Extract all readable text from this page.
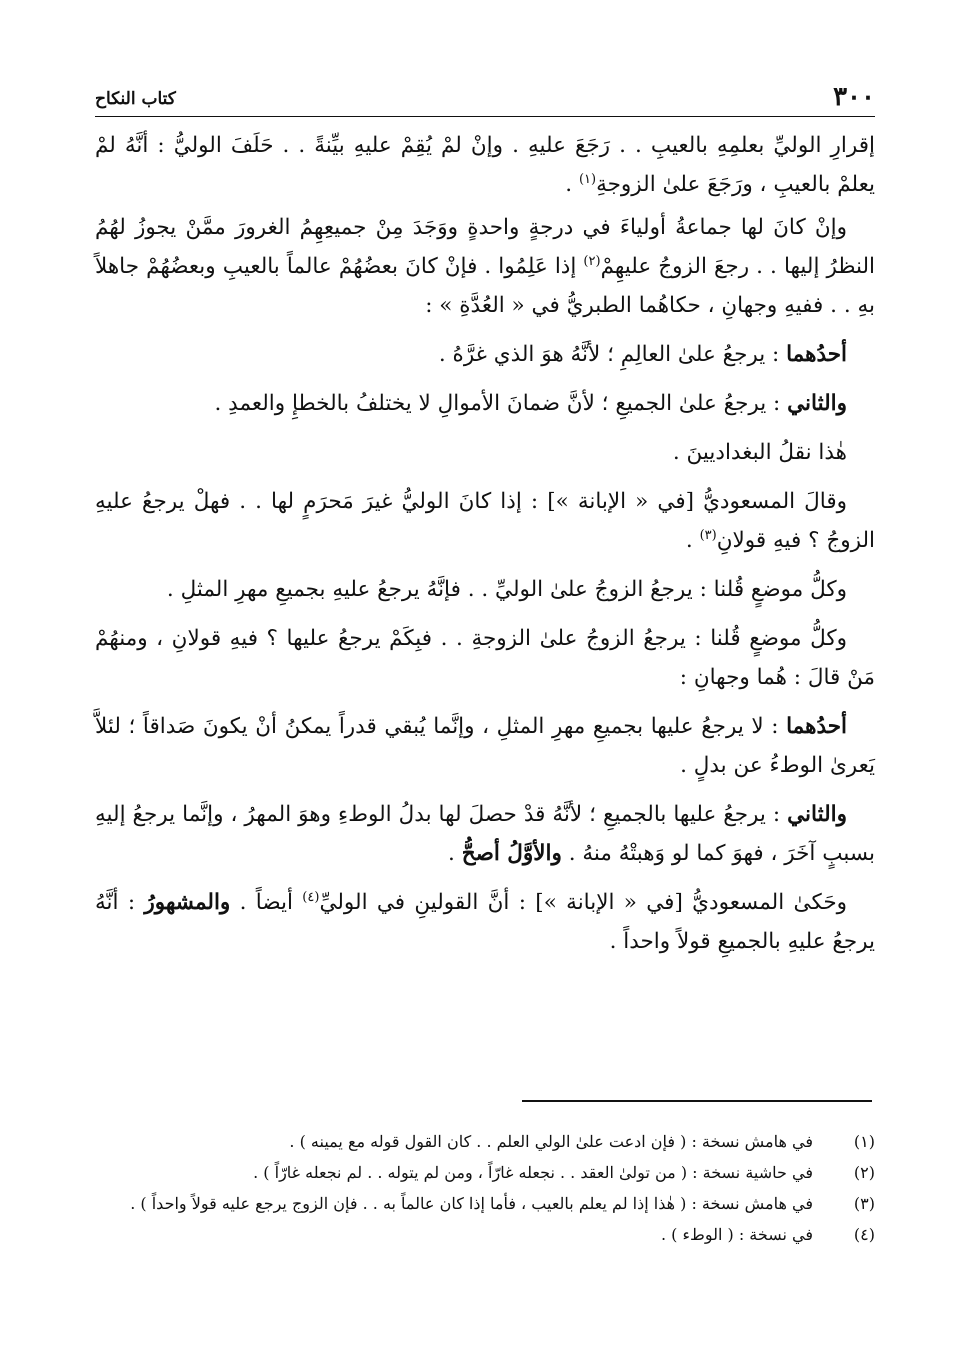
٣٠٠
كتاب النكاح

إقرارِ الوليِّ بعلمِهِ بالعيبِ . . رَجَعَ عليهِ . وإنْ لمْ يُقِمْ عليهِ بيِّنةً . . حَلَفَ الوليُّ : أنَّهُ لمْ يعلمْ بالعيبِ ، ورَجَعَ علىٰ الزوجةِ$^{(١)}$ .

وإنْ كانَ لها جماعةُ أولياءَ في درجةٍ واحدةٍ ووَجَدَ مِنْ جميعِهِمُ الغرورَ ممَّنْ يجوزُ لهُمُ النظرُ إليها . . رجعَ الزوجُ عليهِمْ$^{(٢)}$ إذا عَلِمُوا . فإنْ كانَ بعضُهُمْ عالماً بالعيبِ وبعضُهُمْ جاهلاً بهِ . . ففيهِ وجهانِ ، حكاهُما الطبريُّ في « العُدَّةِ » :

أحدُهما : يرجعُ علىٰ العالِمِ ؛ لأنَّهُ هوَ الذي غرَّهُ .

والثاني : يرجعُ علىٰ الجميعِ ؛ لأنَّ ضمانَ الأموالِ لا يختلفُ بالخطإِ والعمدِ .

هٰذا نقلُ البغداديينَ .

وقالَ المسعوديُّ [في « الإبانة »] : إذا كانَ الوليُّ غيرَ مَحرَمٍ لها . . فهلْ يرجعُ عليهِ الزوجُ ؟ فيهِ قولانِ$^{(٣)}$ .

وكلُّ موضعٍ قُلنا : يرجعُ الزوجُ علىٰ الوليِّ . . فإنَّهُ يرجعُ عليهِ بجميعِ مهرِ المثلِ .

وكلُّ موضعٍ قُلنا : يرجعُ الزوجُ علىٰ الزوجةِ . . فبِكَمْ يرجعُ عليها ؟ فيهِ قولانِ ، ومنهُمْ مَنْ قالَ : هُما وجهانِ :

أحدُهما : لا يرجعُ عليها بجميعِ مهرِ المثلِ ، وإنَّما يُبقي قدراً يمكنُ أنْ يكونَ صَداقاً ؛ لئلاَّ يَعرىٰ الوطءُ عن بدلٍ .

والثاني : يرجعُ عليها بالجميعِ ؛ لأنَّهُ قدْ حصلَ لها بدلُ الوطءِ وهوَ المهرُ ، وإنَّما يرجعُ إليهِ بسببٍ آخَرَ ، فهوَ كما لو وَهبتْهُ منهُ . والأوَّلُ أصحُّ .

وحَكىٰ المسعوديُّ [في « الإبانة »] : أنَّ القولينِ في الوليِّ$^{(٤)}$ أيضاً . والمشهورُ : أنَّهُ يرجعُ عليهِ بالجميعِ قولاً واحداً .

(١)
في هامش نسخة : ( فإن ادعت علىٰ الولي العلم . . كان القول قوله مع يمينه ) .
(٢)
في حاشية نسخة : ( من تولىٰ العقد . . نجعله غارّاً ، ومن لم يتوله . . لم نجعله غارّاً ) .
(٣)
في هامش نسخة : ( هٰذا إذا لم يعلم بالعيب ، فأما إذا كان عالماً به . . فإن الزوج يرجع عليه قولاً واحداً ) .
(٤)
في نسخة : ( الوطء ) .
